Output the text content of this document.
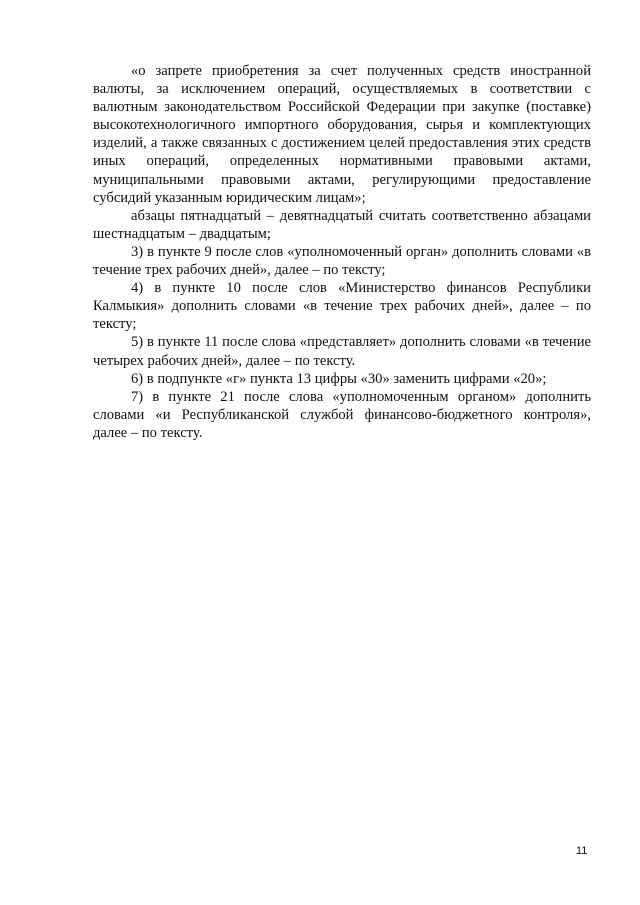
«о запрете приобретения за счет полученных средств иностранной валюты, за исключением операций, осуществляемых в соответствии с валютным законодательством Российской Федерации при закупке (поставке) высокотехнологичного импортного оборудования, сырья и комплектующих изделий, а также связанных с достижением целей предоставления этих средств иных операций, определенных нормативными правовыми актами, муниципальными правовыми актами, регулирующими предоставление субсидий указанным юридическим лицам»;

абзацы пятнадцатый – девятнадцатый считать соответственно абзацами шестнадцатым – двадцатым;

3) в пункте 9 после слов «уполномоченный орган» дополнить словами «в течение трех рабочих дней», далее – по тексту;

4) в пункте 10 после слов «Министерство финансов Республики Калмыкия» дополнить словами «в течение трех рабочих дней», далее – по тексту;

5) в пункте 11 после слова «представляет» дополнить словами «в течение четырех рабочих дней», далее – по тексту.

6) в подпункте «г» пункта 13 цифры «30» заменить цифрами «20»;

7) в пункте 21 после слова «уполномоченным органом» дополнить словами «и Республиканской службой финансово-бюджетного контроля», далее – по тексту.

11
